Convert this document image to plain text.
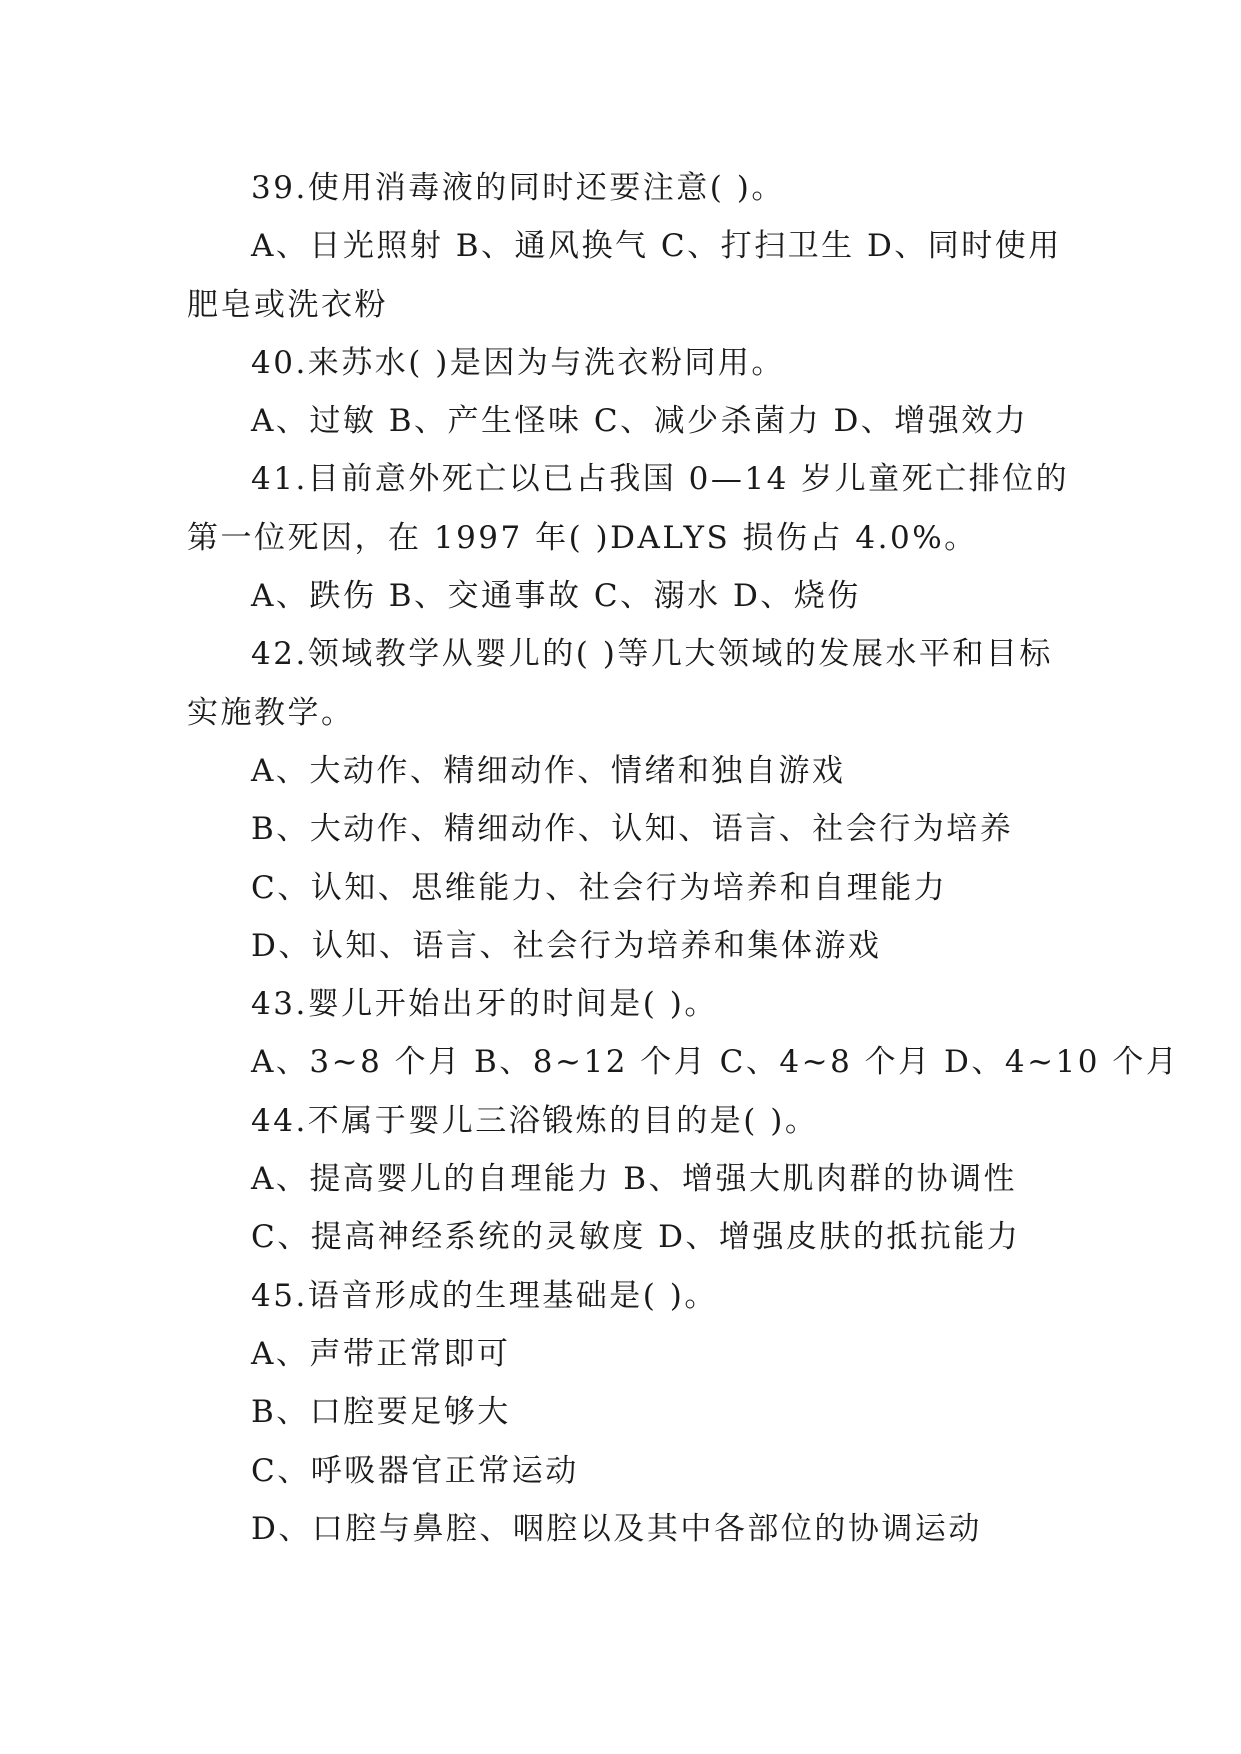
39.使用消毒液的同时还要注意( )。
A、日光照射 B、通风换气 C、打扫卫生 D、同时使用
肥皂或洗衣粉
40.来苏水( )是因为与洗衣粉同用。
A、过敏 B、产生怪味 C、减少杀菌力 D、增强效力
41.目前意外死亡以已占我国 0—14 岁儿童死亡排位的
第一位死因，在 1997 年( )DALYS 损伤占 4.0%。
A、跌伤 B、交通事故 C、溺水 D、烧伤
42.领域教学从婴儿的( )等几大领域的发展水平和目标
实施教学。
A、大动作、精细动作、情绪和独自游戏
B、大动作、精细动作、认知、语言、社会行为培养
C、认知、思维能力、社会行为培养和自理能力
D、认知、语言、社会行为培养和集体游戏
43.婴儿开始出牙的时间是( )。
A、3~8 个月 B、8~12 个月 C、4~8 个月 D、4~10 个月
44.不属于婴儿三浴锻炼的目的是( )。
A、提高婴儿的自理能力 B、增强大肌肉群的协调性
C、提高神经系统的灵敏度 D、增强皮肤的抵抗能力
45.语音形成的生理基础是( )。
A、声带正常即可
B、口腔要足够大
C、呼吸器官正常运动
D、口腔与鼻腔、咽腔以及其中各部位的协调运动
